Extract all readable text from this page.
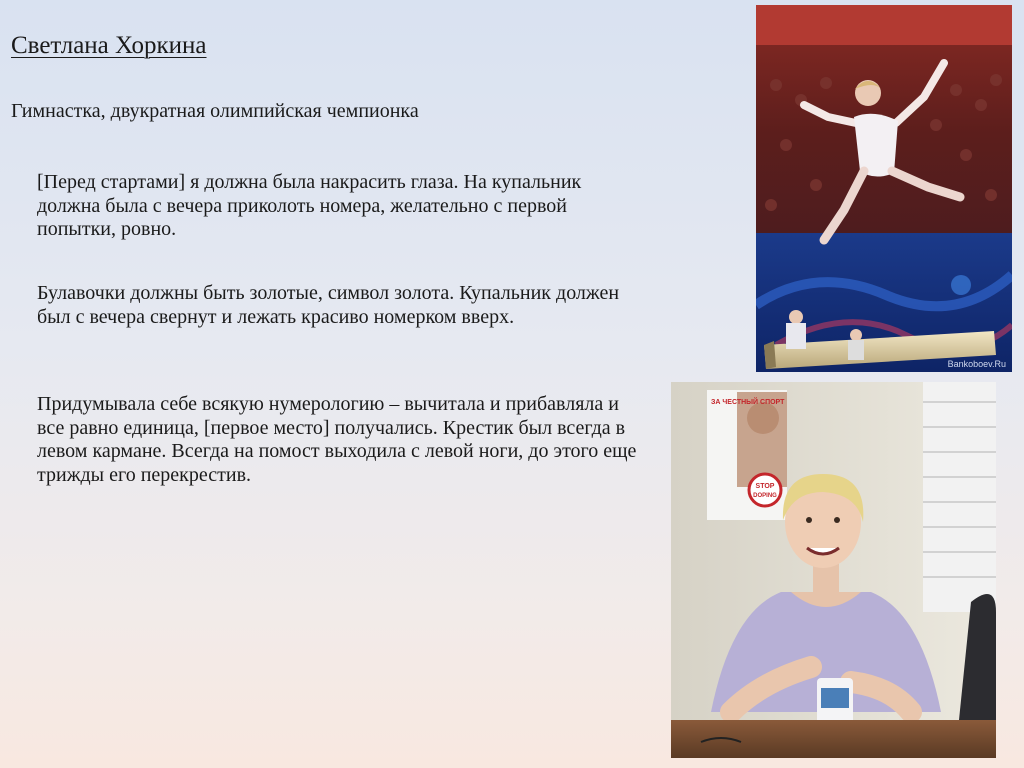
Светлана Хоркина
Гимнастка, двукратная олимпийская чемпионка
[Перед стартами] я должна была накрасить глаза. На купальник должна была с вечера приколоть номера, желательно с первой попытки, ровно.
Булавочки должны быть золотые, символ золота. Купальник должен был с вечера свернут и лежать красиво номерком вверх.
Придумывала себе всякую нумерологию – вычитала и прибавляла и все равно единица, [первое место] получались. Крестик был всегда в левом кармане. Всегда на помост выходила с левой ноги, до этого еще трижды его перекрестив.
Bankoboev.Ru
ЗА ЧЕСТНЫЙ СПОРТ
STOP
DOPING
